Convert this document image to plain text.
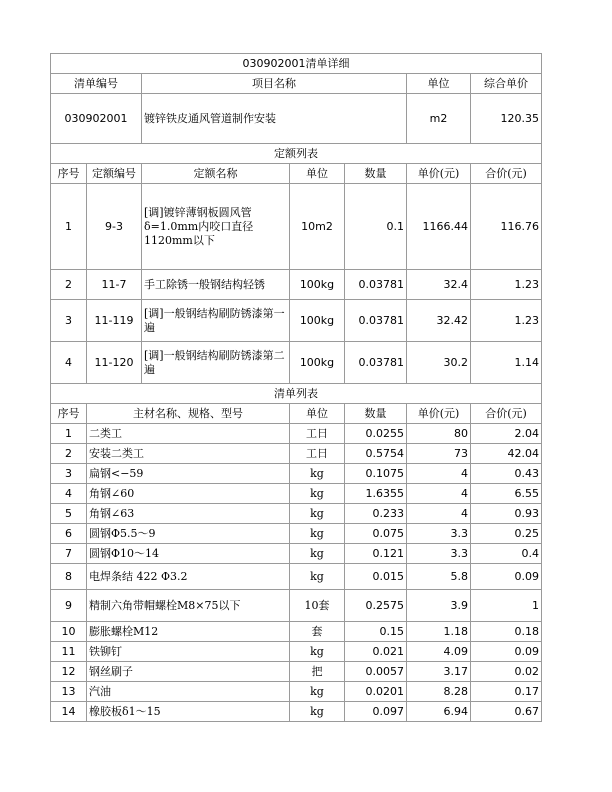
030902001清单详细						
清单编号		项目名称			单位	综合单价
030902001		镀锌铁皮通风管道制作安装			m2	120.35
定额列表						
序号	定额编号	定额名称	单位	数量	单价(元)	合价(元)
1	9-3	[调]镀锌薄钢板圆风管δ=1.0mm内咬口直径1120mm以下	10m2	0.1	1166.44	116.76
2	11-7	手工除锈一般钢结构轻锈	100kg	0.03781	32.4	1.23
3	11-119	[调]一般钢结构刷防锈漆第一遍	100kg	0.03781	32.42	1.23
4	11-120	[调]一般钢结构刷防锈漆第二遍	100kg	0.03781	30.2	1.14
清单列表						
序号	主材名称、规格、型号		单位	数量	单价(元)	合价(元)
1	二类工		工日	0.0255	80	2.04
2	安装二类工		工日	0.5754	73	42.04
3	扁钢<−59		kg	0.1075	4	0.43
4	角钢∠60		kg	1.6355	4	6.55
5	角钢∠63		kg	0.233	4	0.93
6	圆钢Φ5.5～9		kg	0.075	3.3	0.25
7	圆钢Φ10～14		kg	0.121	3.3	0.4
8	电焊条结 422 Φ3.2		kg	0.015	5.8	0.09
9	精制六角带帽螺栓M8×75以下		10套	0.2575	3.9	1
10	膨胀螺栓M12		套	0.15	1.18	0.18
11	铁铆钉		kg	0.021	4.09	0.09
12	钢丝刷子		把	0.0057	3.17	0.02
13	汽油		kg	0.0201	8.28	0.17
14	橡胶板δ1～15		kg	0.097	6.94	0.67
